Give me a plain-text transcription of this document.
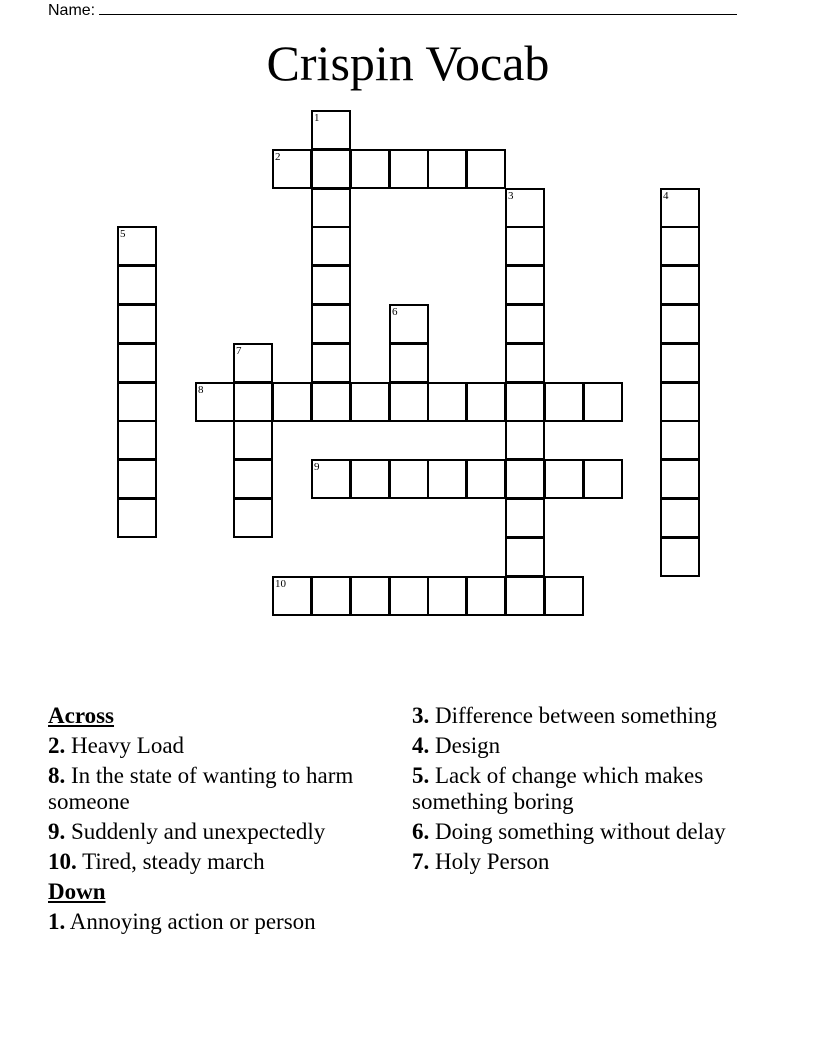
Name:
Crispin Vocab
1
2
3	4
5
6
7
8
9
10
Across
2. Heavy Load
8. In the state of wanting to harm someone
9. Suddenly and unexpectedly
10. Tired, steady march
Down
1. Annoying action or person
3. Difference between something
4. Design
5. Lack of change which makes something boring
6. Doing something without delay
7. Holy Person
